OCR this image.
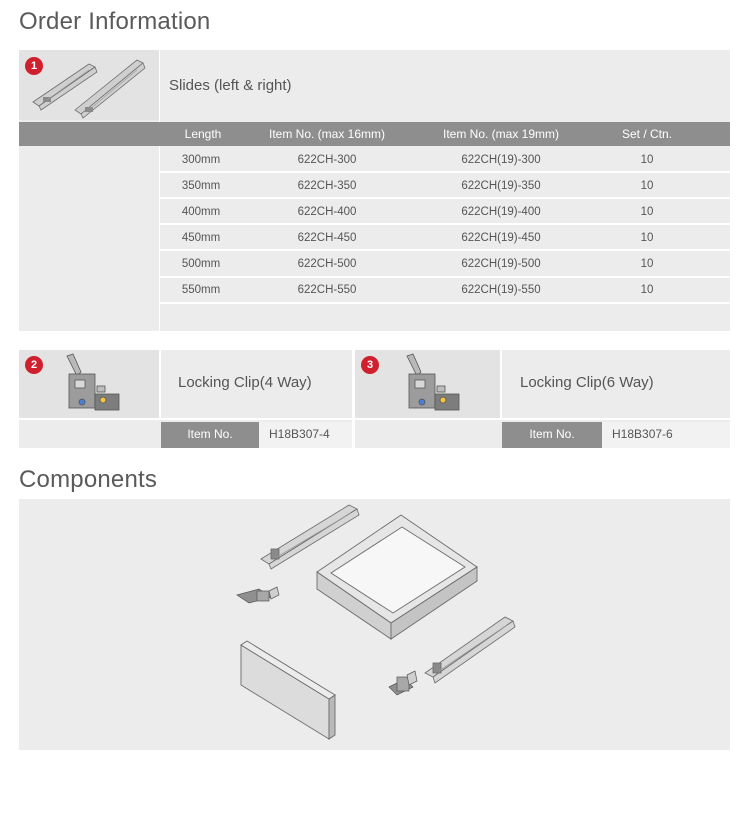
Order Information
1
Slides (left & right)
Length	Item No. (max 16mm)	Item No. (max 19mm)	Set / Ctn.
300mm	622CH-300	622CH(19)-300	10
350mm	622CH-350	622CH(19)-350	10
400mm	622CH-400	622CH(19)-400	10
450mm	622CH-450	622CH(19)-450	10
500mm	622CH-500	622CH(19)-500	10
550mm	622CH-550	622CH(19)-550	10
2
Locking Clip(4 Way)
Item No.	H18B307-4
3
Locking Clip(6 Way)
Item No.	H18B307-6
Components
